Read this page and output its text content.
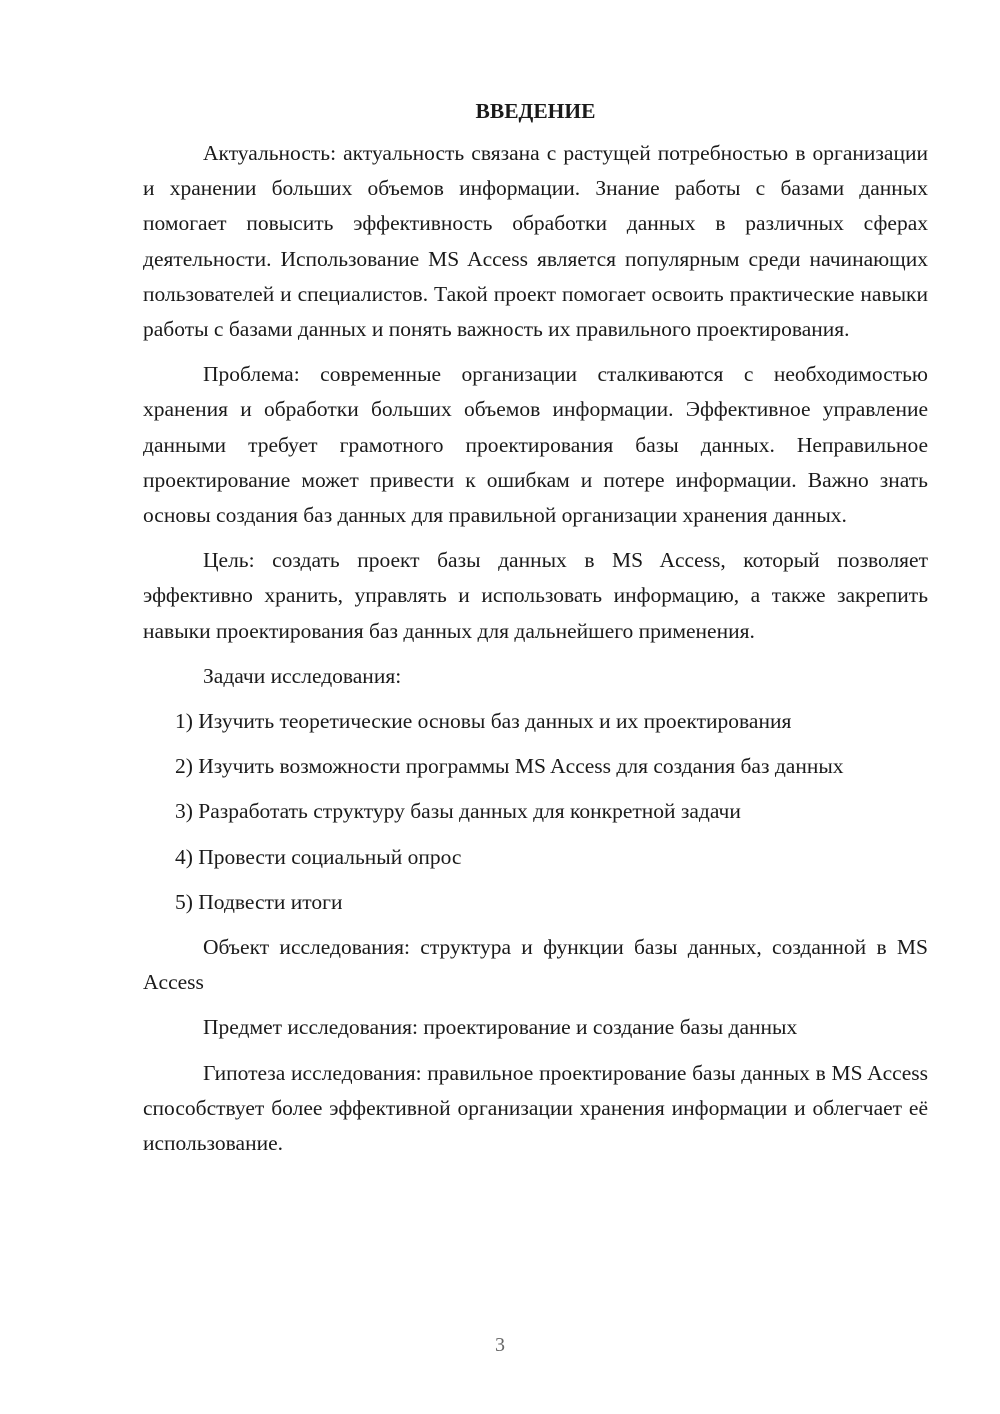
ВВЕДЕНИЕ

Актуальность: актуальность связана с растущей потребностью в организации и хранении больших объемов информации. Знание работы с базами данных помогает повысить эффективность обработки данных в различных сферах деятельности. Использование MS Access является популярным среди начинающих пользователей и специалистов. Такой проект помогает освоить практические навыки работы с базами данных и понять важность их правильного проектирования.

Проблема: современные организации сталкиваются с необходимостью хранения и обработки больших объемов информации. Эффективное управление данными требует грамотного проектирования базы данных. Неправильное проектирование может привести к ошибкам и потере информации. Важно знать основы создания баз данных для правильной организации хранения данных.

Цель: создать проект базы данных в MS Access, который позволяет эффективно хранить, управлять и использовать информацию, а также закрепить навыки проектирования баз данных для дальнейшего применения.

Задачи исследования:

1) Изучить теоретические основы баз данных и их проектирования

2) Изучить возможности программы MS Access для создания баз данных

3) Разработать структуру базы данных для конкретной задачи

4) Провести социальный опрос

5) Подвести итоги

Объект исследования: структура и функции базы данных, созданной в MS Access

Предмет исследования: проектирование и создание базы данных

Гипотеза исследования: правильное проектирование базы данных в MS Access способствует более эффективной организации хранения информации и облегчает её использование.

3
